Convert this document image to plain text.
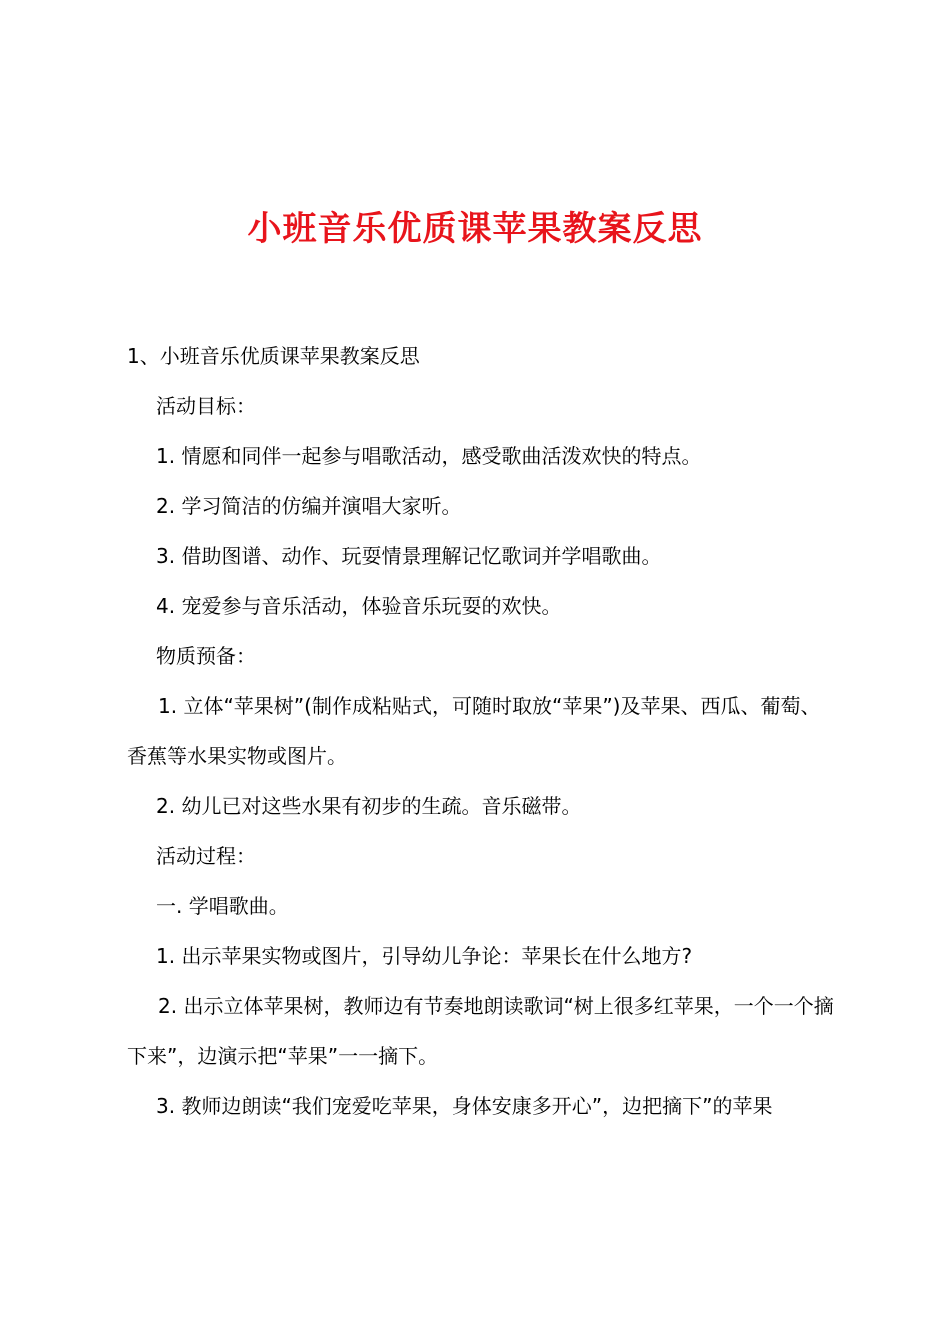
小班音乐优质课苹果教案反思

1、小班音乐优质课苹果教案反思

活动目标：

1. 情愿和同伴一起参与唱歌活动，感受歌曲活泼欢快的特点。

2. 学习简洁的仿编并演唱大家听。

3. 借助图谱、动作、玩耍情景理解记忆歌词并学唱歌曲。

4. 宠爱参与音乐活动，体验音乐玩耍的欢快。

物质预备：

1. 立体“苹果树”(制作成粘贴式，可随时取放“苹果”)及苹果、西瓜、葡萄、香蕉等水果实物或图片。

2. 幼儿已对这些水果有初步的生疏。音乐磁带。

活动过程：

一. 学唱歌曲。

1. 出示苹果实物或图片，引导幼儿争论：苹果长在什么地方?

2. 出示立体苹果树，教师边有节奏地朗读歌词“树上很多红苹果，一个一个摘下来”，边演示把“苹果”一一摘下。

3. 教师边朗读“我们宠爱吃苹果，身体安康多开心”，边把摘下”的苹果
